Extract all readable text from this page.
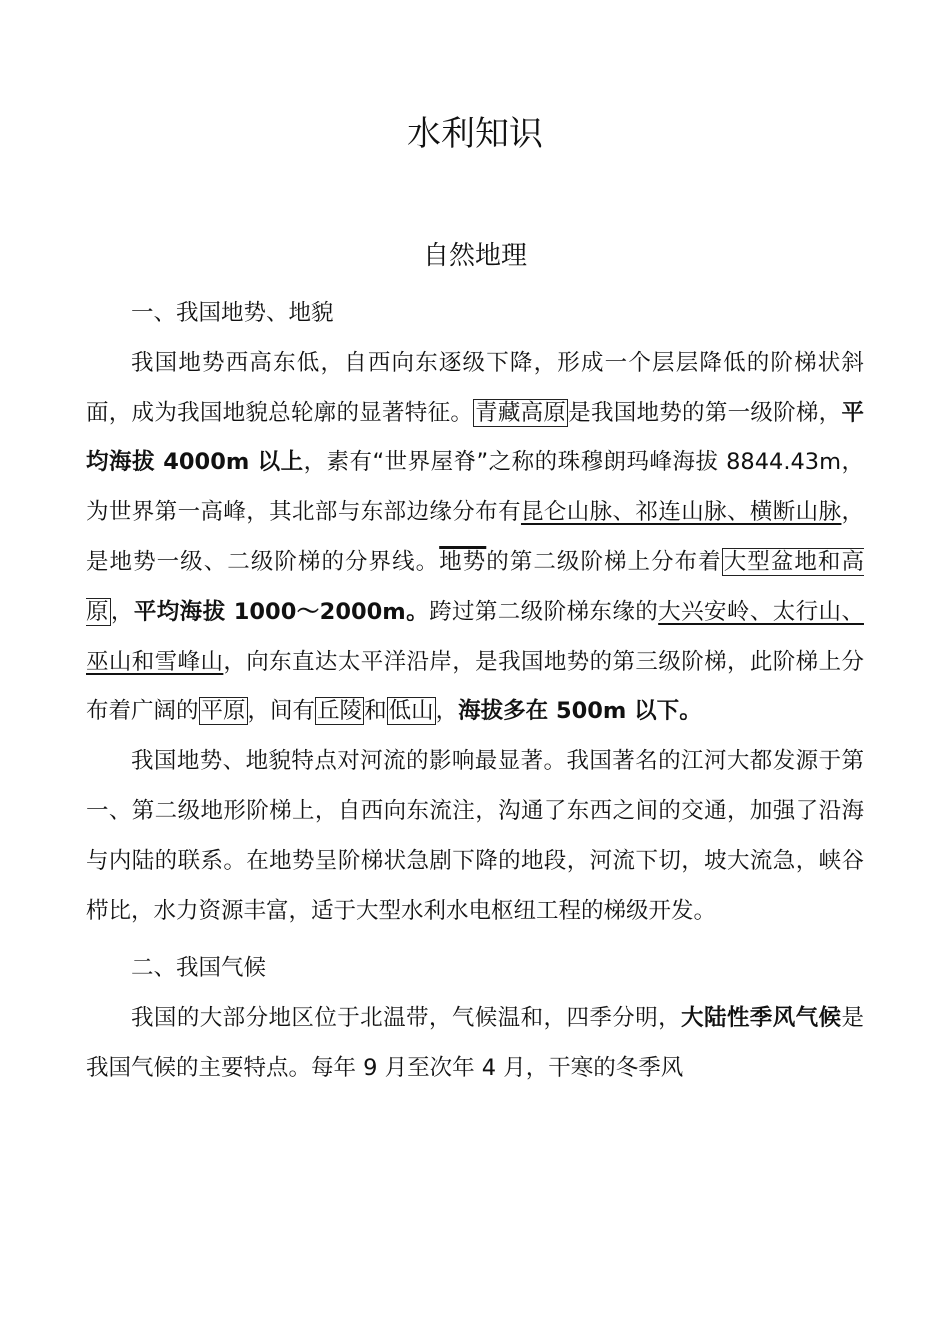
水利知识
自然地理

一、我国地势、地貌

我国地势西高东低，自西向东逐级下降，形成一个层层降低的阶梯状斜面，成为我国地貌总轮廓的显著特征。青藏高原是我国地势的第一级阶梯，平均海拔 4000m 以上，素有“世界屋脊”之称的珠穆朗玛峰海拔 8844.43m，为世界第一高峰，其北部与东部边缘分布有昆仑山脉、祁连山脉、横断山脉，是地势一级、二级阶梯的分界线。地势的第二级阶梯上分布着大型盆地和高原，平均海拔 1000～2000m。跨过第二级阶梯东缘的大兴安岭、太行山、巫山和雪峰山，向东直达太平洋沿岸，是我国地势的第三级阶梯，此阶梯上分布着广阔的平原，间有丘陵和低山，海拔多在 500m 以下。

我国地势、地貌特点对河流的影响最显著。我国著名的江河大都发源于第一、第二级地形阶梯上，自西向东流注，沟通了东西之间的交通，加强了沿海与内陆的联系。在地势呈阶梯状急剧下降的地段，河流下切，坡大流急，峡谷栉比，水力资源丰富，适于大型水利水电枢纽工程的梯级开发。

二、我国气候

我国的大部分地区位于北温带，气候温和，四季分明，大陆性季风气候是我国气候的主要特点。每年 9 月至次年 4 月，干寒的冬季风
